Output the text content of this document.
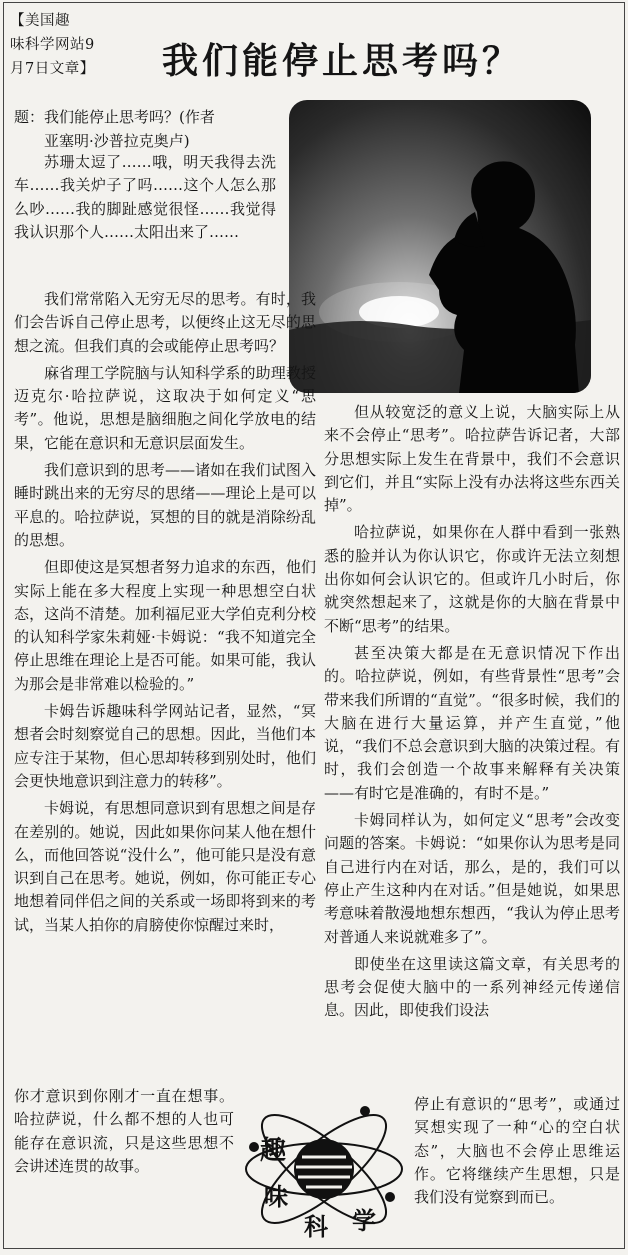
【美国趣
味科学网站9
月7日文章】	我们能停止思考吗？
题：我们能停止思考吗？(作者
亚塞明·沙普拉克奥卢)

苏珊太逗了……哦，明天我得去洗车……我关炉子了吗……这个人怎么那么吵……我的脚趾感觉很怪……我觉得我认识那个人……太阳出来了……

我们常常陷入无穷无尽的思考。有时，我们会告诉自己停止思考，以便终止这无尽的思想之流。但我们真的会或能停止思考吗？

麻省理工学院脑与认知科学系的助理教授迈克尔·哈拉萨说，这取决于如何定义“思考”。他说，思想是脑细胞之间化学放电的结果，它能在意识和无意识层面发生。

我们意识到的思考——诸如在我们试图入睡时跳出来的无穷尽的思绪——理论上是可以平息的。哈拉萨说，冥想的目的就是消除纷乱的思想。

但即使这是冥想者努力追求的东西，他们实际上能在多大程度上实现一种思想空白状态，这尚不清楚。加利福尼亚大学伯克利分校的认知科学家朱莉娅·卡姆说：“我不知道完全停止思维在理论上是否可能。如果可能，我认为那会是非常难以检验的。”

卡姆告诉趣味科学网站记者，显然，“冥想者会时刻察觉自己的思想。因此，当他们本应专注于某物，但心思却转移到别处时，他们会更快地意识到注意力的转移”。

卡姆说，有思想同意识到有思想之间是存在差别的。她说，因此如果你问某人他在想什么，而他回答说“没什么”，他可能只是没有意识到自己在思考。她说，例如，你可能正专心地想着同伴侣之间的关系或一场即将到来的考试，当某人拍你的肩膀使你惊醒过来时，

你才意识到你刚才一直在想事。哈拉萨说，什么都不想的人也可能存在意识流，只是这些思想不会讲述连贯的故事。

但从较宽泛的意义上说，大脑实际上从来不会停止“思考”。哈拉萨告诉记者，大部分思想实际上发生在背景中，我们不会意识到它们，并且“实际上没有办法将这些东西关掉”。

哈拉萨说，如果你在人群中看到一张熟悉的脸并认为你认识它，你或许无法立刻想出你如何会认识它的。但或许几小时后，你就突然想起来了，这就是你的大脑在背景中不断“思考”的结果。

甚至决策大都是在无意识情况下作出的。哈拉萨说，例如，有些背景性“思考”会带来我们所谓的“直觉”。“很多时候，我们的大脑在进行大量运算，并产生直觉，”他说，“我们不总会意识到大脑的决策过程。有时，我们会创造一个故事来解释有关决策——有时它是准确的，有时不是。”

卡姆同样认为，如何定义“思考”会改变问题的答案。卡姆说：“如果你认为思考是同自己进行内在对话，那么，是的，我们可以停止产生这种内在对话。”但是她说，如果思考意味着散漫地想东想西，“我认为停止思考对普通人来说就难多了”。

即使坐在这里读这篇文章，有关思考的思考会促使大脑中的一系列神经元传递信息。因此，即使我们设法

停止有意识的“思考”，或通过冥想实现了一种“心的空白状态”，大脑也不会停止思维运作。它将继续产生思想，只是我们没有觉察到而已。

趣
味
科 学
